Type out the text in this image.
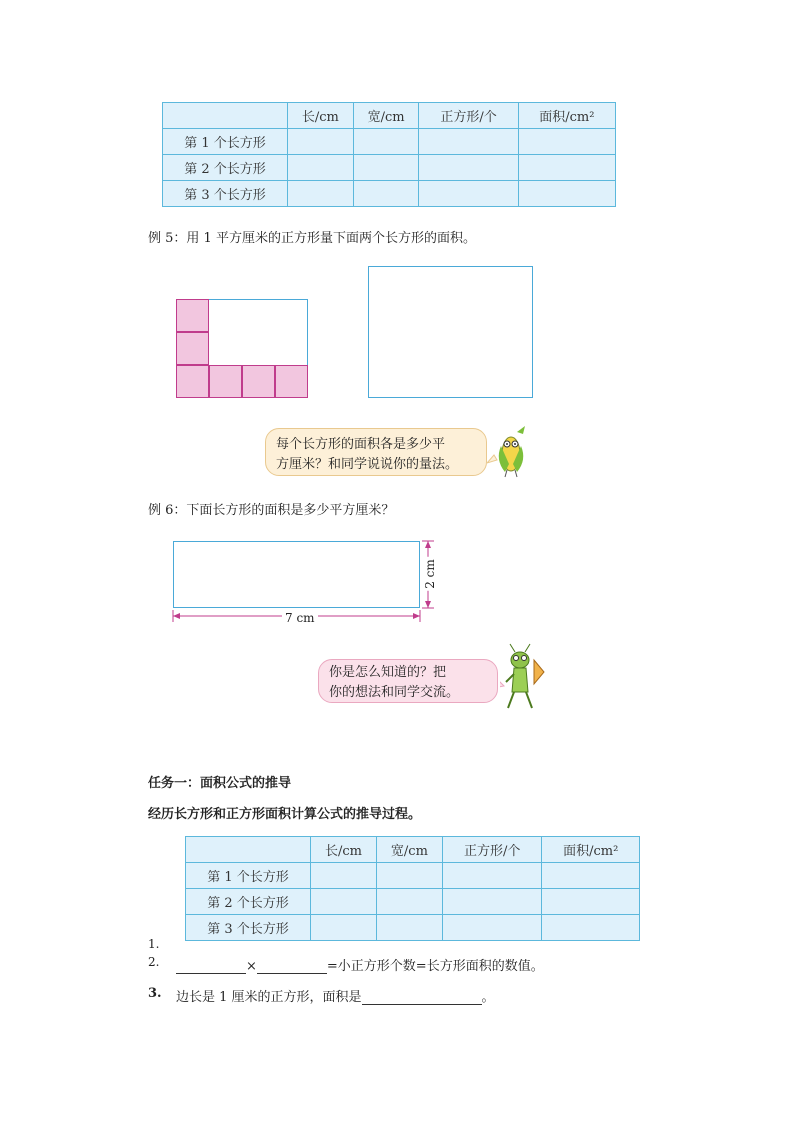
	长/cm	宽/cm	正方形/个	面积/cm²
第 1 个长方形				
第 2 个长方形				
第 3 个长方形				
例 5：用 1 平方厘米的正方形量下面两个长方形的面积。
每个长方形的面积各是多少平
方厘米？和同学说说你的量法。
例 6：下面长方形的面积是多少平方厘米？
7 cm
2 cm
你是怎么知道的？把
你的想法和同学交流。
任务一：面积公式的推导
经历长方形和正方形面积计算公式的推导过程。
	长/cm	宽/cm	正方形/个	面积/cm²
第 1 个长方形				
第 2 个长方形				
第 3 个长方形				
1.
2.	×	=小正方形个数=长方形面积的数值。
3. 边长是 1 厘米的正方形，面积是	。
